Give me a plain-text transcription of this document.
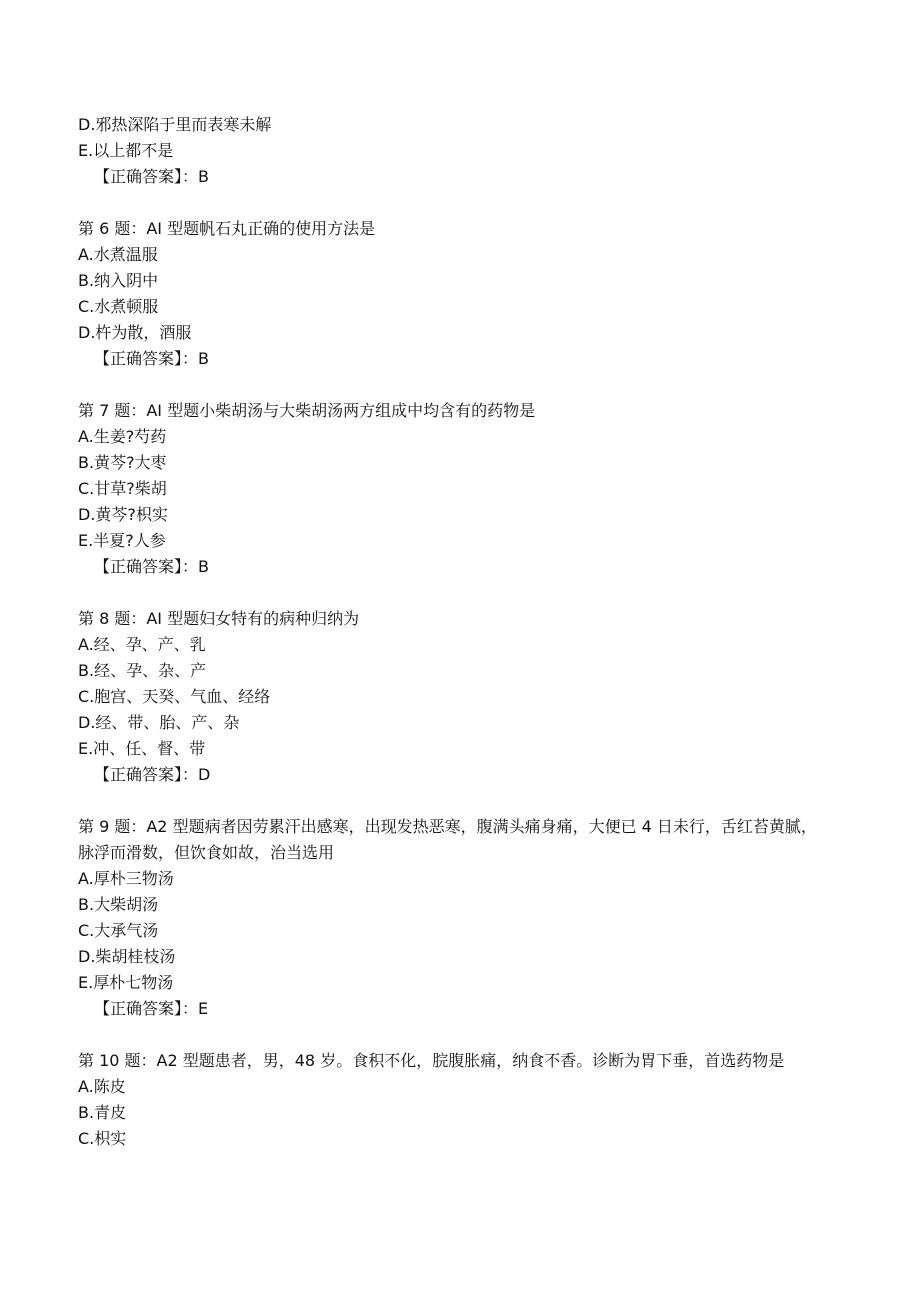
D.邪热深陷于里而表寒未解
E.以上都不是
【正确答案】：B
第 6 题：AI 型题帆石丸正确的使用方法是
A.水煮温服
B.纳入阴中
C.水煮顿服
D.杵为散，酒服
【正确答案】：B
第 7 题：AI 型题小柴胡汤与大柴胡汤两方组成中均含有的药物是
A.生姜?芍药
B.黄芩?大枣
C.甘草?柴胡
D.黄芩?枳实
E.半夏?人参
【正确答案】：B
第 8 题：AI 型题妇女特有的病种归纳为
A.经、孕、产、乳
B.经、孕、杂、产
C.胞宫、天癸、气血、经络
D.经、带、胎、产、杂
E.冲、任、督、带
【正确答案】：D
第 9 题：A2 型题病者因劳累汗出感寒，出现发热恶寒，腹满头痛身痛，大便已 4 日未行，舌红苔黄腻，脉浮而滑数，但饮食如故，治当选用
A.厚朴三物汤
B.大柴胡汤
C.大承气汤
D.柴胡桂枝汤
E.厚朴七物汤
【正确答案】：E
第 10 题：A2 型题患者，男，48 岁。食积不化，脘腹胀痛，纳食不香。诊断为胃下垂，首选药物是
A.陈皮
B.青皮
C.枳实
